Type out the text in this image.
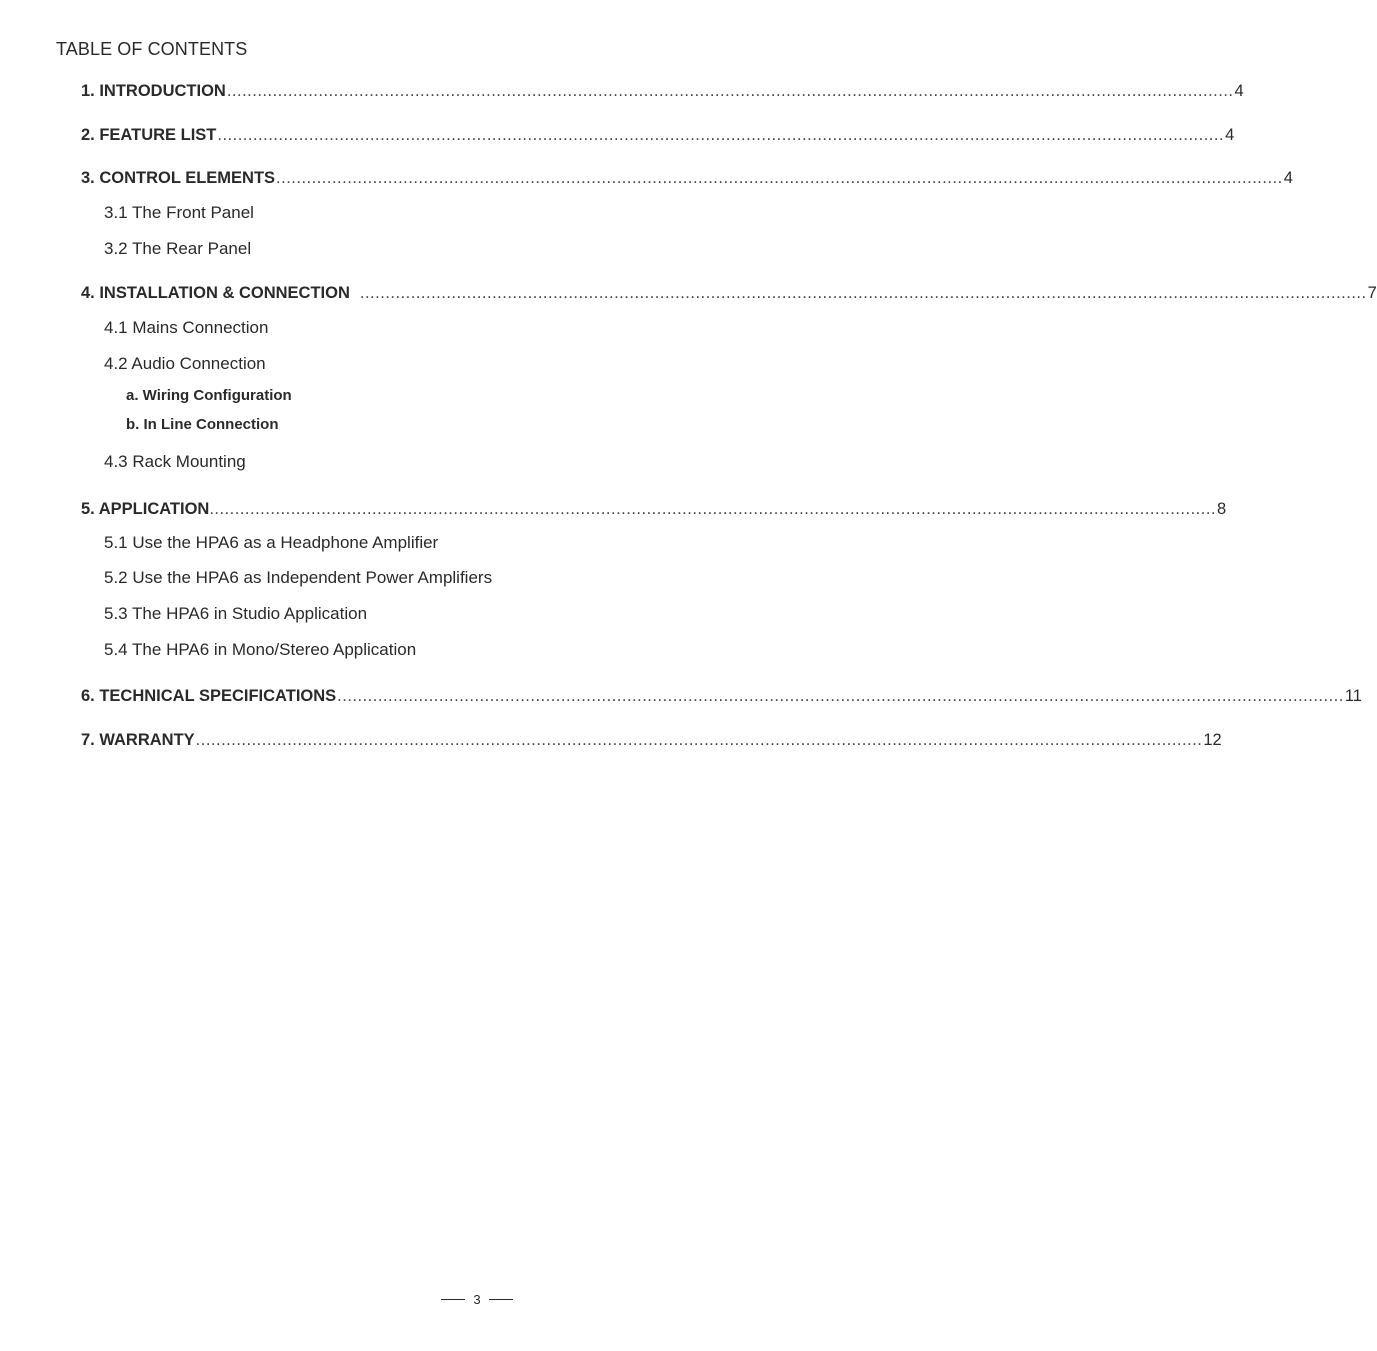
TABLE OF CONTENTS
1. INTRODUCTION ...................................................................................................................................................................................................... 4
2. FEATURE LIST ...................................................................................................................................................................................................... 4
3. CONTROL ELEMENTS ...................................................................................................................................................................................................... 4
3.1 The Front Panel
3.2 The Rear Panel
4. INSTALLATION & CONNECTION ...................................................................................................................................................................................................... 7
4.1 Mains Connection
4.2 Audio Connection
a. Wiring Configuration
b. In Line Connection
4.3 Rack Mounting
5. APPLICATION ...................................................................................................................................................................................................... 8
5.1 Use the HPA6 as a Headphone Amplifier
5.2 Use the HPA6 as Independent Power Amplifiers
5.3 The HPA6 in Studio Application
5.4 The HPA6 in Mono/Stereo Application
6. TECHNICAL SPECIFICATIONS ...................................................................................................................................................................................................... 11
7. WARRANTY ...................................................................................................................................................................................................... 12
3
